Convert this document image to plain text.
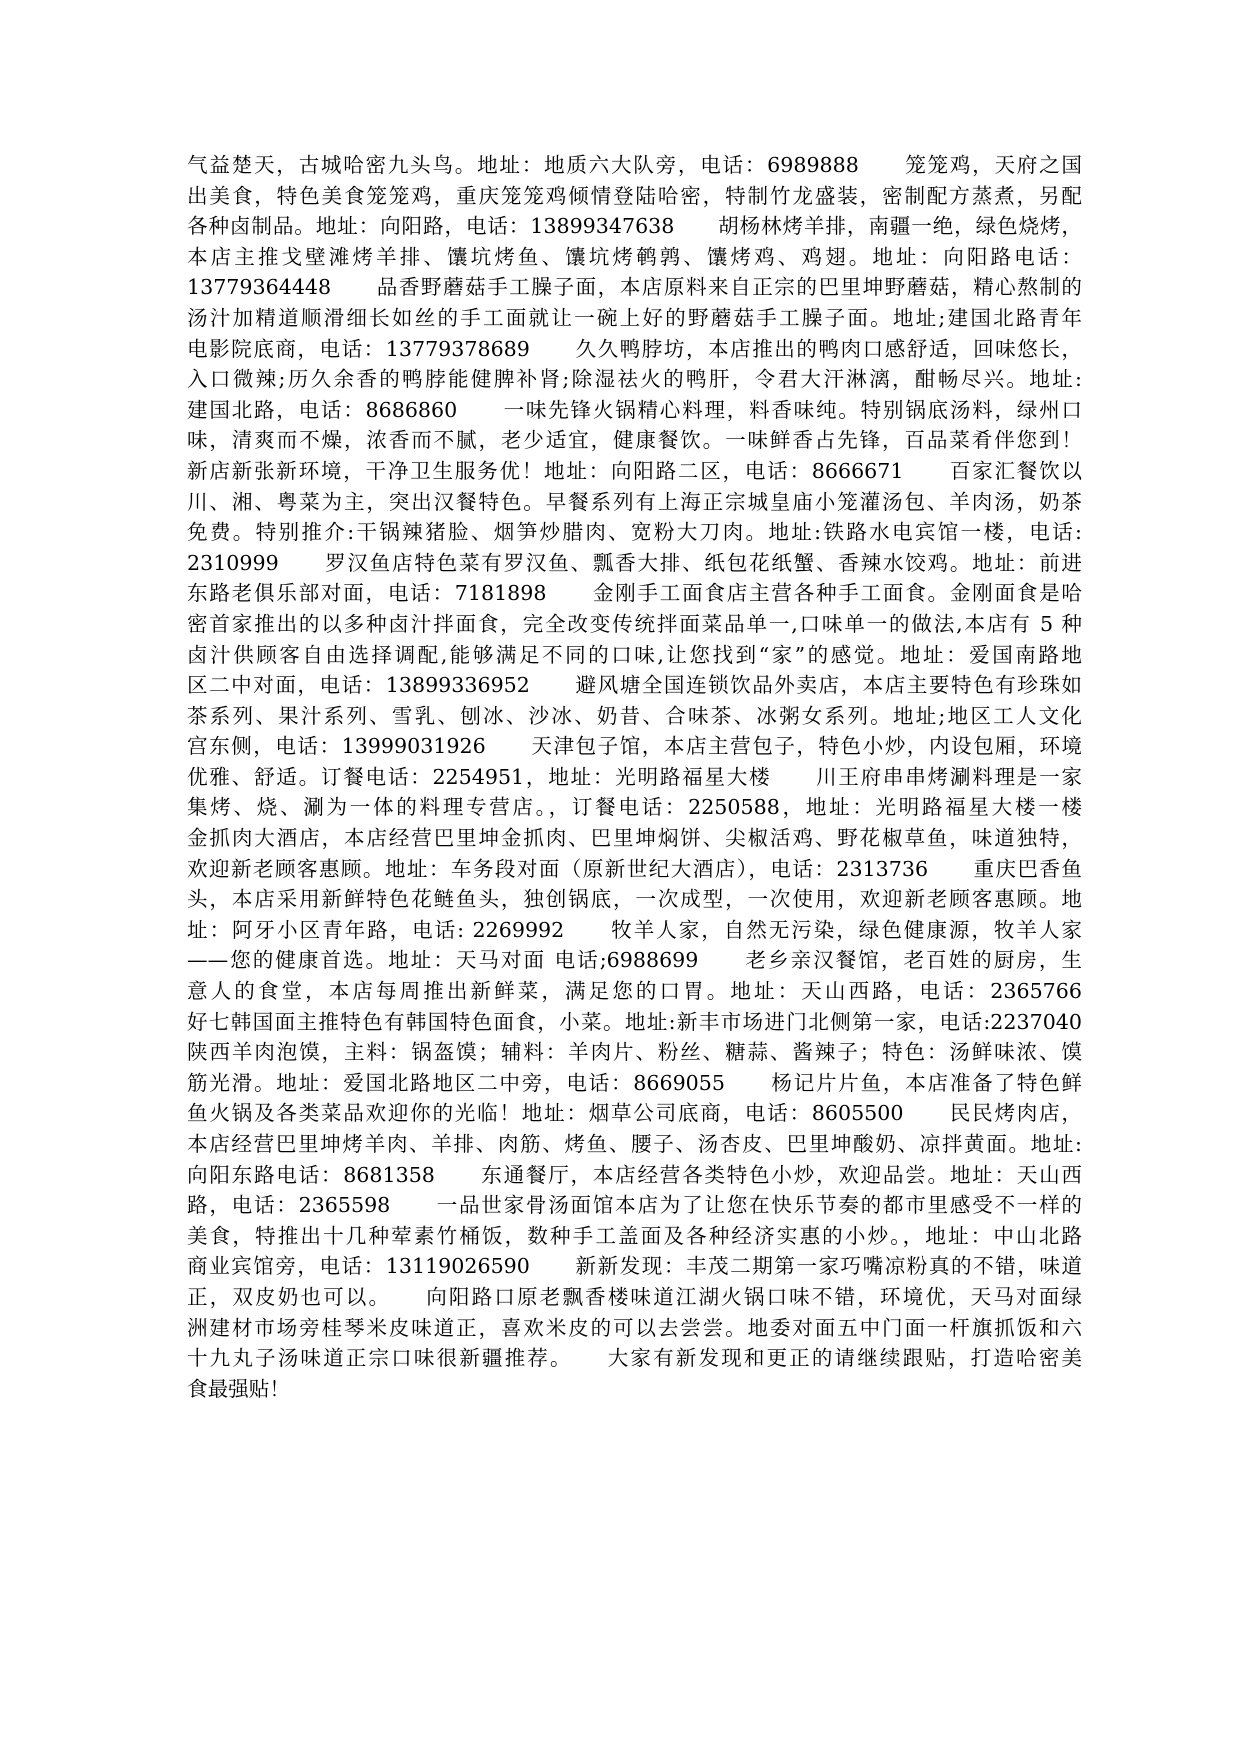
气益楚天，古城哈密九头鸟。地址：地质六大队旁，电话：6989888　　笼笼鸡，天府之国
出美食，特色美食笼笼鸡，重庆笼笼鸡倾情登陆哈密，特制竹龙盛装，密制配方蒸煮，另配
各种卤制品。地址：向阳路，电话：13899347638　　胡杨林烤羊排，南疆一绝，绿色烧烤，
本店主推戈壁滩烤羊排、馕坑烤鱼、馕坑烤鹌鹑、馕烤鸡、鸡翅。地址：向阳路电话：
13779364448　　品香野蘑菇手工臊子面，本店原料来自正宗的巴里坤野蘑菇，精心熬制的
汤汁加精道顺滑细长如丝的手工面就让一碗上好的野蘑菇手工臊子面。地址;建国北路青年
电影院底商，电话：13779378689　　久久鸭脖坊，本店推出的鸭肉口感舒适，回味悠长，
入口微辣;历久余香的鸭脖能健脾补肾;除湿祛火的鸭肝，令君大汗淋漓，酣畅尽兴。地址:
建国北路，电话：8686860　　一味先锋火锅精心料理，料香味纯。特别锅底汤料，绿州口
味，清爽而不燥，浓香而不腻，老少适宜，健康餐饮。一味鲜香占先锋，百品菜肴伴您到！
新店新张新环境，干净卫生服务优！地址：向阳路二区，电话：8666671　　百家汇餐饮以
川、湘、粤菜为主，突出汉餐特色。早餐系列有上海正宗城皇庙小笼灌汤包、羊肉汤，奶茶
免费。特别推介:干锅辣猪脸、烟笋炒腊肉、宽粉大刀肉。地址:铁路水电宾馆一楼，电话:
2310999　　罗汉鱼店特色菜有罗汉鱼、瓢香大排、纸包花纸蟹、香辣水饺鸡。地址：前进
东路老俱乐部对面，电话：7181898　　金刚手工面食店主营各种手工面食。金刚面食是哈
密首家推出的以多种卤汁拌面食，完全改变传统拌面菜品单一,口味单一的做法,本店有 5 种
卤汁供顾客自由选择调配,能够满足不同的口味,让您找到“家”的感觉。地址：爱国南路地
区二中对面，电话：13899336952　　避风塘全国连锁饮品外卖店，本店主要特色有珍珠如
茶系列、果汁系列、雪乳、刨冰、沙冰、奶昔、合味茶、冰粥女系列。地址;地区工人文化
宫东侧，电话：13999031926　　天津包子馆，本店主营包子，特色小炒，内设包厢，环境
优雅、舒适。订餐电话：2254951，地址：光明路福星大楼　　川王府串串烤涮料理是一家
集烤、烧、涮为一体的料理专营店。，订餐电话：2250588，地址：光明路福星大楼一楼
金抓肉大酒店，本店经营巴里坤金抓肉、巴里坤焖饼、尖椒活鸡、野花椒草鱼，味道独特，
欢迎新老顾客惠顾。地址：车务段对面（原新世纪大酒店），电话：2313736　　重庆巴香鱼
头，本店采用新鲜特色花鲢鱼头，独创锅底，一次成型，一次使用，欢迎新老顾客惠顾。地
址：阿牙小区青年路，电话: 2269992　　牧羊人家，自然无污染，绿色健康源，牧羊人家
——您的健康首选。地址：天马对面 电话;6988699　　老乡亲汉餐馆，老百姓的厨房，生
意人的食堂，本店每周推出新鲜菜，满足您的口胃。地址：天山西路，电话：2365766
好七韩国面主推特色有韩国特色面食，小菜。地址:新丰市场进门北侧第一家，电话:2237040
陕西羊肉泡馍，主料：锅盔馍；辅料：羊肉片、粉丝、糖蒜、酱辣子；特色：汤鲜味浓、馍
筋光滑。地址：爱国北路地区二中旁，电话：8669055　　杨记片片鱼，本店准备了特色鲜
鱼火锅及各类菜品欢迎你的光临！地址：烟草公司底商，电话：8605500　　民民烤肉店，
本店经营巴里坤烤羊肉、羊排、肉筋、烤鱼、腰子、汤杏皮、巴里坤酸奶、凉拌黄面。地址:
向阳东路电话：8681358　　东通餐厅，本店经营各类特色小炒，欢迎品尝。地址：天山西
路，电话：2365598　　一品世家骨汤面馆本店为了让您在快乐节奏的都市里感受不一样的
美食，特推出十几种荤素竹桶饭，数种手工盖面及各种经济实惠的小炒。，地址：中山北路
商业宾馆旁，电话：13119026590　　新新发现：丰茂二期第一家巧嘴凉粉真的不错，味道
正，双皮奶也可以。　　向阳路口原老飘香楼味道江湖火锅口味不错，环境优，天马对面绿
洲建材市场旁桂琴米皮味道正，喜欢米皮的可以去尝尝。地委对面五中门面一杆旗抓饭和六
十九丸子汤味道正宗口味很新疆推荐。　　大家有新发现和更正的请继续跟贴，打造哈密美
食最强贴！
